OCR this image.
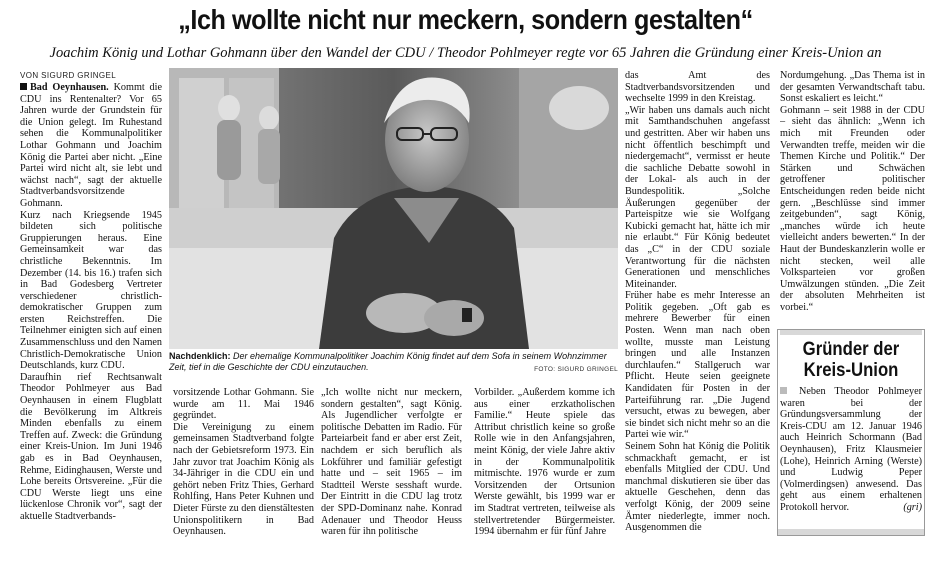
„Ich wollte nicht nur meckern, sondern gestalten“
Joachim König und Lothar Gohmann über den Wandel der CDU / Theodor Pohlmeyer regte vor 65 Jahren die Gründung einer Kreis-Union an
VON SIGURD GRINGEL
Bad Oeynhausen. Kommt die CDU ins Rentenalter? Vor 65 Jahren wurde der Grundstein für die Union gelegt. Im Ruhestand sehen die Kommunalpolitiker Lothar Gohmann und Joachim König die Partei aber nicht. „Eine Partei wird nicht alt, sie lebt und wächst nach“, sagt der aktuelle Stadtverbandsvorsitzende Gohmann.
Kurz nach Kriegsende 1945 bildeten sich politische Gruppierungen heraus. Eine Gemeinsamkeit war das christliche Bekenntnis. Im Dezember (14. bis 16.) trafen sich in Bad Godesberg Vertreter verschiedener christlich-demokratischer Gruppen zum ersten Reichstreffen. Die Teilnehmer einigten sich auf einen Zusammenschluss und den Namen Christlich-Demokratische Union Deutschlands, kurz CDU.
Daraufhin rief Rechtsanwalt Theodor Pohlmeyer aus Bad Oeynhausen in einem Flugblatt die Bevölkerung im Altkreis Minden ebenfalls zu einem Treffen auf. Zweck: die Gründung einer Kreis-Union. Im Juni 1946 gab es in Bad Oeynhausen, Rehme, Eidinghausen, Werste und Lohe bereits Ortsvereine. „Für die CDU Werste liegt uns eine lückenlose Chronik vor“, sagt der aktuelle Stadtverbands-
Nachdenklich: Der ehemalige Kommunalpolitiker Joachim König findet auf dem Sofa in seinem Wohnzimmer Zeit, tief in die Geschichte der CDU einzutauchen.	FOTO: SIGURD GRINGEL
vorsitzende Lothar Gohmann. Sie wurde am 11. Mai 1946 gegründet.
Die Vereinigung zu einem gemeinsamen Stadtverband folgte nach der Gebietsreform 1973. Ein Jahr zuvor trat Joachim König als 34-Jähriger in die CDU ein und gehört neben Fritz Thies, Gerhard Rohlfing, Hans Peter Kuhnen und Dieter Fürste zu den dienstältesten Unionspolitikern in Bad Oeynhausen.
„Ich wollte nicht nur meckern, sondern gestalten“, sagt König. Als Jugendlicher verfolgte er politische Debatten im Radio. Für Parteiarbeit fand er aber erst Zeit, nachdem er sich beruflich als Lokführer und familiär gefestigt hatte und – seit 1965 – im Stadtteil Werste sesshaft wurde. Der Eintritt in die CDU lag trotz der SPD-Dominanz nahe. Konrad Adenauer und Theodor Heuss waren für ihn politische
Vorbilder. „Außerdem komme ich aus einer erzkatholischen Familie.“ Heute spiele das Attribut christlich keine so große Rolle wie in den Anfangsjahren, meint König, der viele Jahre aktiv in der Kommunalpolitik mitmischte. 1976 wurde er zum Vorsitzenden der Ortsunion Werste gewählt, bis 1999 war er im Stadtrat vertreten, teilweise als stellvertretender Bürgermeister. 1994 übernahm er für fünf Jahre
das Amt des Stadtverbandsvorsitzenden und wechselte 1999 in den Kreistag.
„Wir haben uns damals auch nicht mit Samthandschuhen angefasst und gestritten. Aber wir haben uns nicht öffentlich beschimpft und niedergemacht“, vermisst er heute die sachliche Debatte sowohl in der Lokal- als auch in der Bundespolitik. „Solche Äußerungen gegenüber der Parteispitze wie sie Wolfgang Kubicki gemacht hat, hätte ich mir nie erlaubt.“ Für König bedeutet das „C“ in der CDU soziale Verantwortung für die nächsten Generationen und menschliches Miteinander.
Früher habe es mehr Interesse an Politik gegeben. „Oft gab es mehrere Bewerber für einen Posten. Wenn man nach oben wollte, musste man Leistung bringen und alle Instanzen durchlaufen.“ Stallgeruch war Pflicht. Heute seien geeignete Kandidaten für Posten in der Parteiführung rar. „Die Jugend versucht, etwas zu bewegen, aber sie bindet sich nicht mehr so an die Partei wie wir.“
Seinem Sohn hat König die Politik schmackhaft gemacht, er ist ebenfalls Mitglied der CDU. Und manchmal diskutieren sie über das aktuelle Geschehen, denn das verfolgt König, der 2009 seine Ämter niederlegte, immer noch. Ausgenommen die
Nordumgehung. „Das Thema ist in der gesamten Verwandtschaft tabu. Sonst eskaliert es leicht.“
Gohmann – seit 1988 in der CDU – sieht das ähnlich: „Wenn ich mich mit Freunden oder Verwandten treffe, meiden wir die Themen Kirche und Politik.“ Der Stärken und Schwächen getroffener politischer Entscheidungen reden beide nicht gern. „Beschlüsse sind immer zeitgebunden“, sagt König, „manches würde ich heute vielleicht anders bewerten.“ In der Haut der Bundeskanzlerin wolle er nicht stecken, weil alle Volksparteien vor großen Umwälzungen stünden. „Die Zeit der absoluten Mehrheiten ist vorbei.“
Gründer der Kreis-Union
Neben Theodor Pohlmeyer waren bei der Gründungsversammlung der Kreis-CDU am 12. Januar 1946 auch Heinrich Schormann (Bad Oeynhausen), Fritz Klausmeier (Lohe), Heinrich Arning (Werste) und Ludwig Peper (Volmerdingsen) anwesend. Das geht aus einem erhaltenen Protokoll hervor.	(gri)
